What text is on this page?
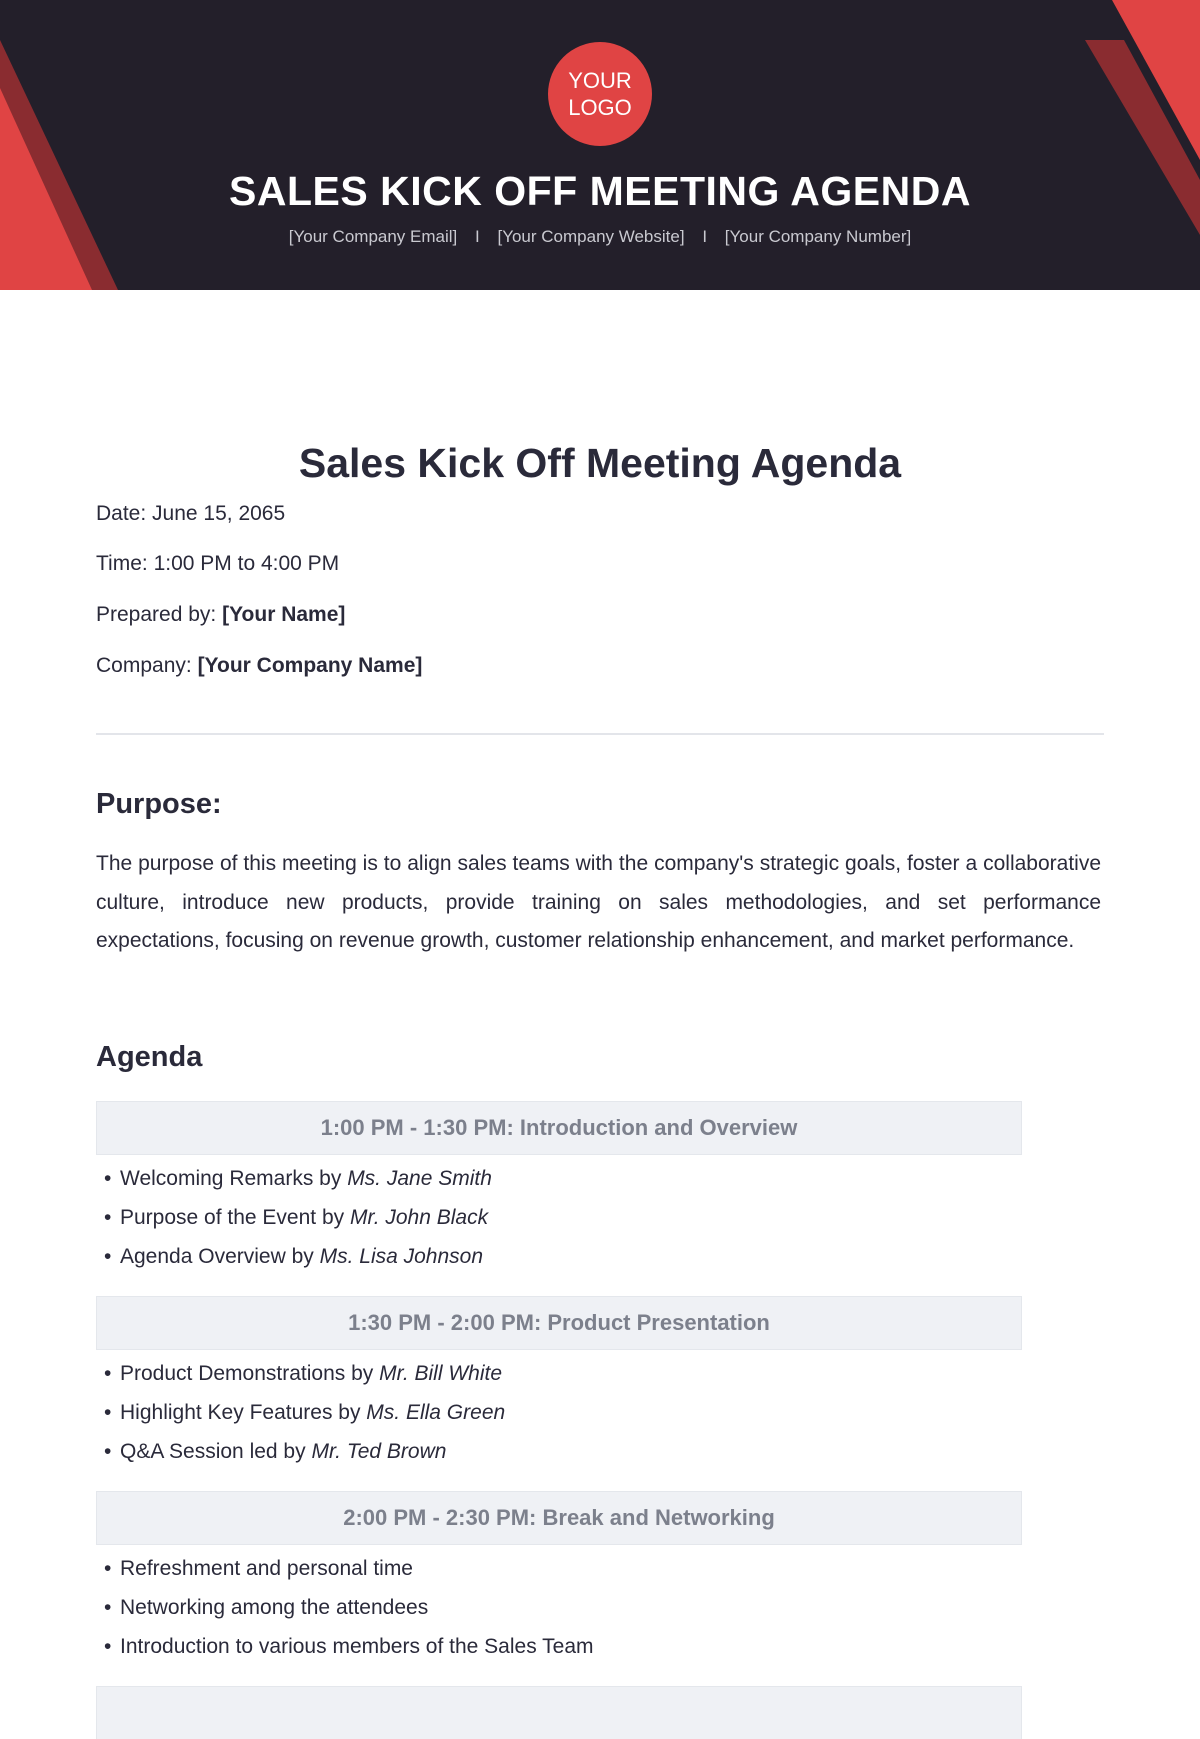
YOUR
LOGO
SALES KICK OFF MEETING AGENDA
[Your Company Email] I [Your Company Website] I [Your Company Number]
Sales Kick Off Meeting Agenda
Date: June 15, 2065
Time: 1:00 PM to 4:00 PM
Prepared by: [Your Name]
Company: [Your Company Name]
Purpose:
The purpose of this meeting is to align sales teams with the company's strategic goals, foster a collaborative culture, introduce new products, provide training on sales methodologies, and set performance expectations, focusing on revenue growth, customer relationship enhancement, and market performance.
Agenda
1:00 PM - 1:30 PM: Introduction and Overview
• Welcoming Remarks by Ms. Jane Smith
• Purpose of the Event by Mr. John Black
• Agenda Overview by Ms. Lisa Johnson
1:30 PM - 2:00 PM: Product Presentation
• Product Demonstrations by Mr. Bill White
• Highlight Key Features by Ms. Ella Green
• Q&A Session led by Mr. Ted Brown
2:00 PM - 2:30 PM: Break and Networking
• Refreshment and personal time
• Networking among the attendees
• Introduction to various members of the Sales Team
